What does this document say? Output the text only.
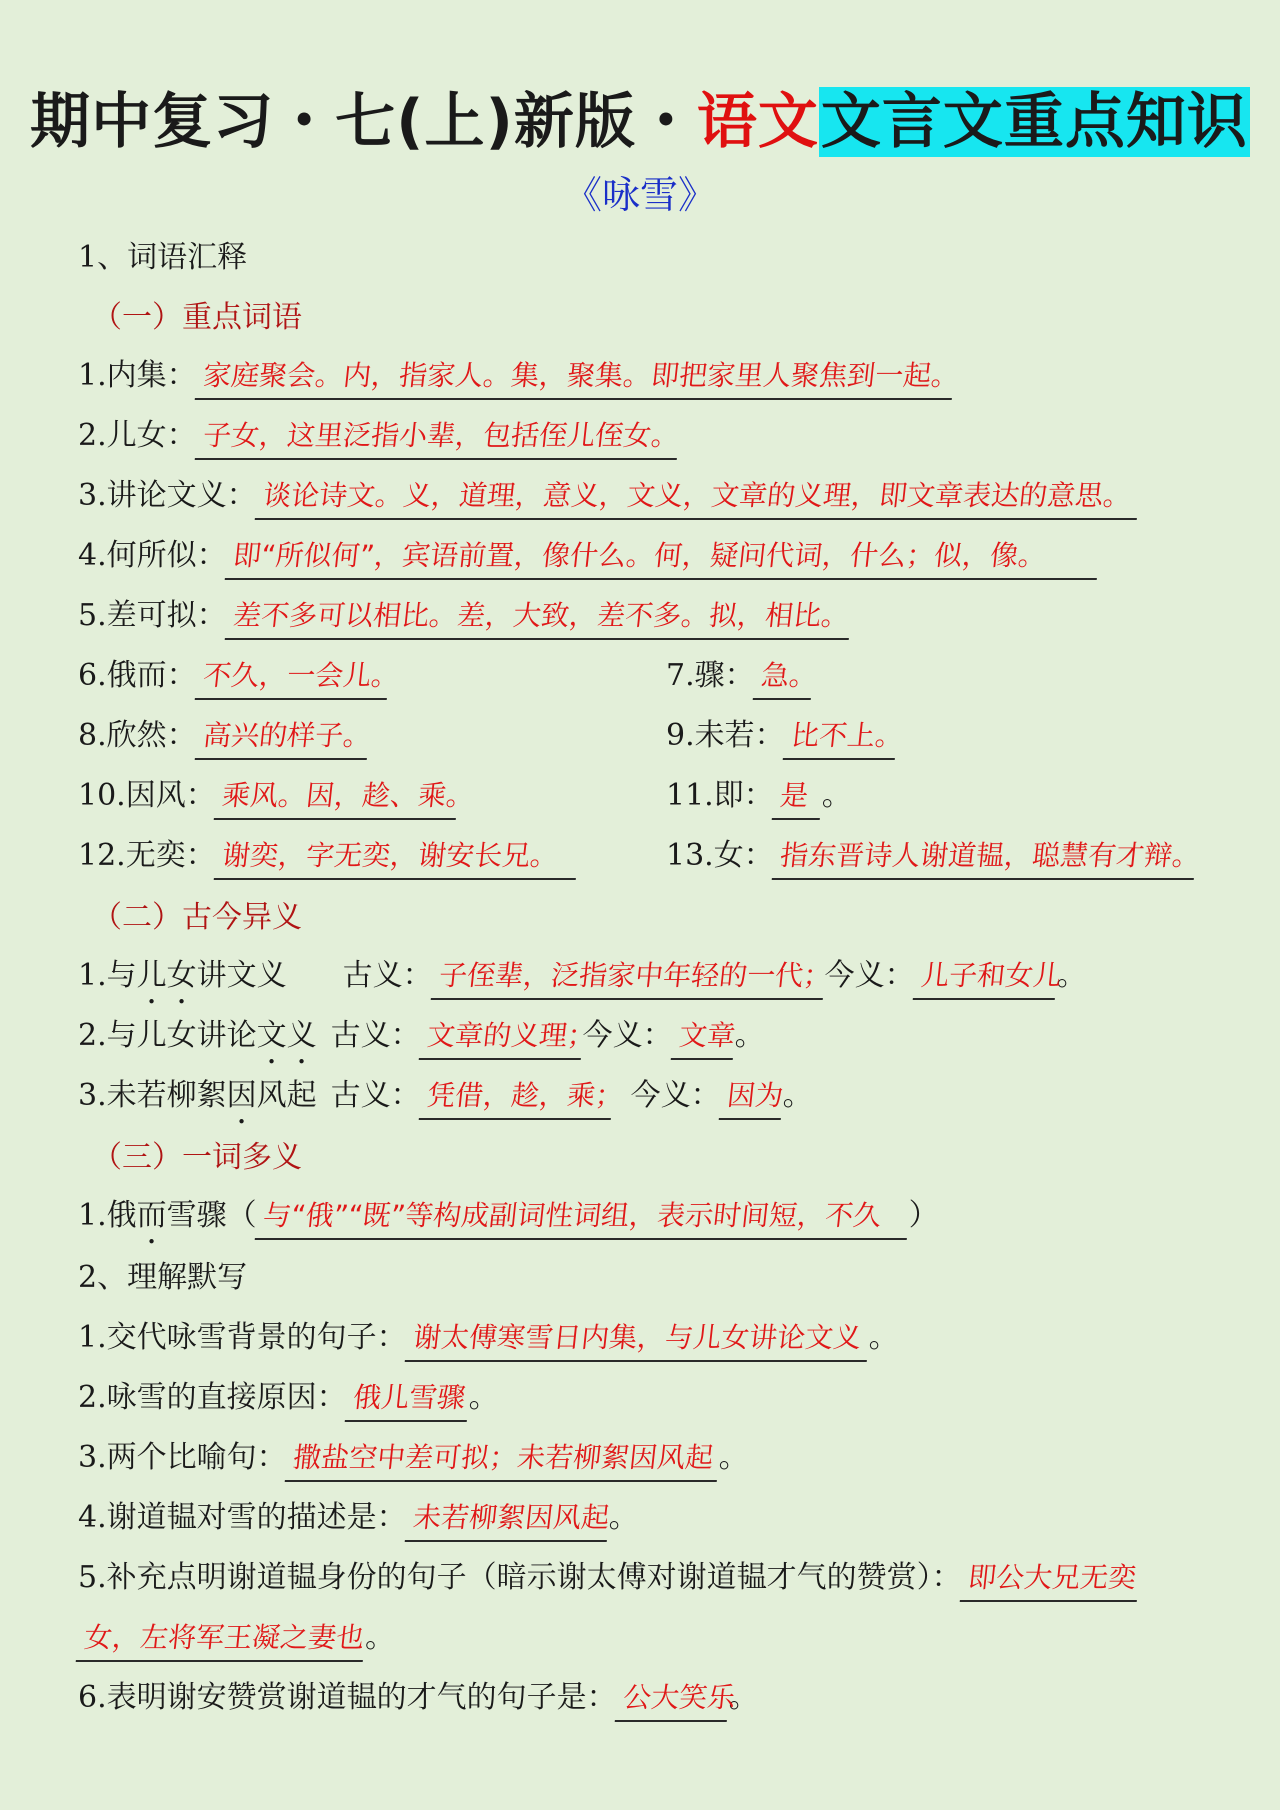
期中复习・七(上)新版・语文文言文重点知识
《咏雪》
1、词语汇释
（一）重点词语
1.内集： 家庭聚会。内，指家人。集，聚集。即把家里人聚焦到一起。
2.儿女： 子女，这里泛指小辈，包括侄儿侄女。
3.讲论文义： 谈论诗文。义，道理，意义，文义，文章的义理，即文章表达的意思。
4.何所似： 即“所似何”，宾语前置，像什么。何，疑问代词，什么；似，像。
5.差可拟： 差不多可以相比。差，大致，差不多。拟，相比。
6.俄而： 不久，一会儿。	7.骤： 急。
8.欣然： 高兴的样子。	9.未若： 比不上。
10.因风： 乘风。因，趁、乘。	11.即： 是 。
12.无奕： 谢奕，字无奕，谢安长兄。	13.女： 指东晋诗人谢道韫，聪慧有才辩。
（二）古今异义
1.与儿女讲文义 古义： 子侄辈，泛指家中年轻的一代；今义： 儿子和女儿。
2.与儿女讲论文义 古义： 文章的义理；今义： 文章。
3.未若柳絮因风起 古义： 凭借，趁，乘； 今义： 因为。
（三）一词多义
1.俄而雪骤（ 与“俄”“既”等构成副词性词组，表示时间短，不久 ）
2、理解默写
1.交代咏雪背景的句子： 谢太傅寒雪日内集，与儿女讲论文义 。
2.咏雪的直接原因： 俄儿雪骤。
3.两个比喻句： 撒盐空中差可拟；未若柳絮因风起 。
4.谢道韫对雪的描述是： 未若柳絮因风起。
5.补充点明谢道韫身份的句子（暗示谢太傅对谢道韫才气的赞赏）： 即公大兄无奕
女，左将军王凝之妻也。
6.表明谢安赞赏谢道韫的才气的句子是： 公大笑乐。
